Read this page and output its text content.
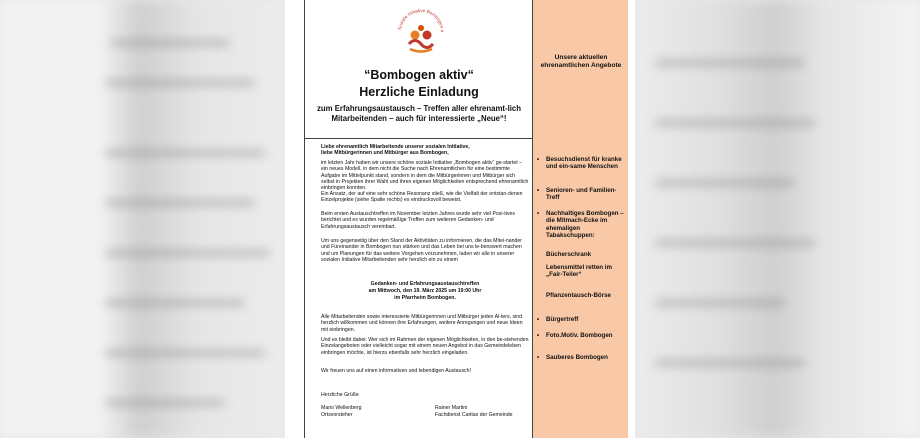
Soziale Initiative Bombogen a
“Bombogen aktiv“
Herzliche Einladung
zum Erfahrungsaustausch – Treffen aller ehrenamt-lich Mitarbeitenden – auch für interessierte „Neue“!
Liebe ehrenamtlich Mitarbeitende unserer sozialen Initiative,
liebe Mitbürgerinnen und Mitbürger aus Bombogen,
im letzten Jahr haben wir unsere schöne soziale Initiative „Bombogen aktiv“ ge-startet – ein neues Modell, in dem nicht die Suche nach Ehrenamtlichen für eine bestimmte Aufgabe im Mittelpunkt stand, sondern in dem die Mitbürgerinnen und Mitbürger sich selbst in Projekten ihrer Wahl und ihren eigenen Möglichkeiten entsprechend ehrenamtlich einbringen konnten.
Ein Ansatz, der auf eine sehr schöne Resonanz stieß, wie die Vielfalt der entstan-denen Einzelprojekte (siehe Spalte rechts) es eindrucksvoll beweist.
Beim ersten Austauschtreffen im November letzten Jahres wurde sehr viel Posi-tives berichtet und es wurden regelmäßige Treffen zum weiteren Gedanken- und Erfahrungsaustausch vereinbart.
Um uns gegenseitig über den Stand der Aktivitäten zu informieren, die das Mitei-nander und Füreinander in Bombogen nun stärken und das Leben bei uns le-benswert machen und um Planungen für das weitere Vorgehen vorzunehmen, laden wir alle in unserer sozialen Initiative Mitarbeitenden sehr herzlich ein zu einem
Gedanken- und Erfahrungsaustauschtreffen
am Mittwoch, den 19. März 2025 um 19:00 Uhr
im Pfarrheim Bombogen.
Alle Mitarbeitenden sowie interessierte Mitbürgerinnen und Mitbürger jeden Al-ters, sind herzlich willkommen und können ihre Erfahrungen, weitere Anregungen und neue Ideen mit einbringen.
Und es bleibt dabei: Wer sich im Rahmen der eigenen Möglichkeiten, in den be-stehenden Einzelangeboten oder vielleicht sogar mit einem neuen Angebot in das Gemeindeleben einbringen möchte, ist hierzu ebenfalls sehr herzlich eingeladen.
Wir freuen uns auf einen informativen und lebendigen Austausch!
Herzliche Grüße
Mario Wellenberg
Ortsvorsteher
Rainer Martini
Fachdienst Caritas der Gemeinde
Unsere aktuellen ehrenamtlichen Angebote
• Besuchsdienst für kranke und ein-same Menschen
• Senioren- und Familien-Treff
• Nachhaltiges Bombogen – die Mitmach-Ecke im ehemaligen Tabakschuppen:
Bücherschrank
Lebensmittel retten im „Fair-Teiler“
Pflanzentausch-Börse
• Bürgertreff
• Foto.Motiv. Bombogen
• Sauberes Bombogen
